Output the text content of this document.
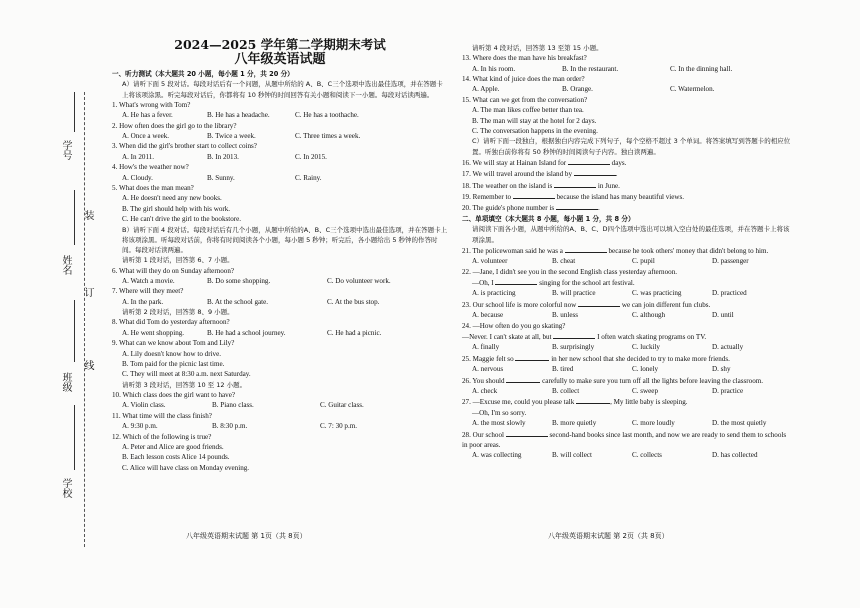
学号
装
姓名
订
线
班级
学校
2024—2025 学年第二学期期末考试
八年级英语试题
一、听力测试（本大题共 20 小题，每小题 1 分，共 20 分）
A）请听下面 5 段对话。每段对话后有一个问题，从题中所给的 A、B、C三个选项中选出最佳选项，并在答题卡上将该项涂黑。听完每段对话后，你都将有 10 秒钟的时间回答有关小题和阅读下一小题。每段对话读两遍。
1. What's wrong with Tom?
A. He has a fever.	B. He has a headache.	C. He has a toothache.
2. How often does the girl go to the library?
A. Once a week.	B. Twice a week.	C. Three times a week.
3. When did the girl's brother start to collect coins?
A. In 2011.	B. In 2013.	C. In 2015.
4. How's the weather now?
A. Cloudy.	B. Sunny.	C. Rainy.
5. What does the man mean?
A. He doesn't need any new books.
B. The girl should help with his work.
C. He can't drive the girl to the bookstore.
B）请听下面 4 段对话。每段对话后有几个小题，从题中所给的A、B、C三个选项中选出最佳选项，并在答题卡上将该项涂黑。听每段对话前，你将有时间阅读各个小题，每小题 5 秒钟；听完后，各小题给出 5 秒钟的作答时间。每段对话读两遍。
请听第 1 段对话，回答第 6、7 小题。
6. What will they do on Sunday afternoon?
A. Watch a movie.	B. Do some shopping.	C. Do volunteer work.
7. Where will they meet?
A. In the park.	B. At the school gate.	C. At the bus stop.
请听第 2 段对话，回答第 8、9 小题。
8. What did Tom do yesterday afternoon?
A. He went shopping.	B. He had a school journey.	C. He had a picnic.
9. What can we know about Tom and Lily?
A. Lily doesn't know how to drive.
B. Tom paid for the picnic last time.
C. They will meet at 8:30 a.m. next Saturday.
请听第 3 段对话，回答第 10 至 12 小题。
10. Which class does the girl want to have?
A. Violin class.	B. Piano class.	C. Guitar class.
11. What time will the class finish?
A. 9:30 p.m.	B. 8:30 p.m.	C. 7: 30 p.m.
12. Which of the following is true?
A. Peter and Alice are good friends.
B. Each lesson costs Alice 14 pounds.
C. Alice will have class on Monday evening.
八年级英语期末试题 第 1页（共 8页）
请听第 4 段对话，回答第 13 至第 15 小题。
13. Where does the man have his breakfast?
A. In his room.	B. In the restaurant.	C. In the dinning hall.
14. What kind of juice does the man order?
A. Apple.	B. Orange.	C. Watermelon.
15. What can we get from the conversation?
A. The man likes coffee better than tea.
B. The man will stay at the hotel for 2 days.
C. The conversation happens in the evening.
C）请听下面一段独白，根据独白内容完成下列句子，每个空格不超过 3 个单词。将答案填写到答题卡的相应位置。听独白前你将有 50 秒钟的时间阅读句子内容。独白读两遍。
16. We will stay at Hainan Island for	days.
17. We will travel around the island by	.
18. The weather on the island is	in June.
19. Remember to	because the island has many beautiful views.
20. The guide's phone number is	.
二、单项填空（本大题共 8 小题，每小题 1 分，共 8 分）
请阅读下面各小题，从题中所给的A、B、C、D四个选项中选出可以填入空白处的最佳选项，并在答题卡上将该项涂黑。
21. The policewoman said he was a	because he took others' money that didn't belong to him.
A. volunteer	B. cheat	C. pupil	D. passenger
22. —Jane, I didn't see you in the second English class yesterday afternoon.
—Oh, I	singing for the school art festival.
A. is practicing	B. will practice	C. was practicing	D. practiced
23. Our school life is more colorful now	we can join different fun clubs.
A. because	B. unless	C. although	D. until
24. —How often do you go skating?
—Never. I can't skate at all, but	I often watch skating programs on TV.
A. finally	B. surprisingly	C. luckily	D. actually
25. Maggie felt so	in her new school that she decided to try to make more friends.
A. nervous	B. tired	C. lonely	D. shy
26. You should	carefully to make sure you turn off all the lights before leaving the classroom.
A. check	B. collect	C. sweep	D. practice
27. —Excuse me, could you please talk	, My little baby is sleeping.
—Oh, I'm so sorry.
A. the most slowly	B. more quietly	C. more loudly	D. the most quietly
28. Our school	second-hand books since last month, and now we are ready to send them to schools in poor areas.
A. was collecting	B. will collect	C. collects	D. has collected
八年级英语期末试题 第 2页（共 8页）
